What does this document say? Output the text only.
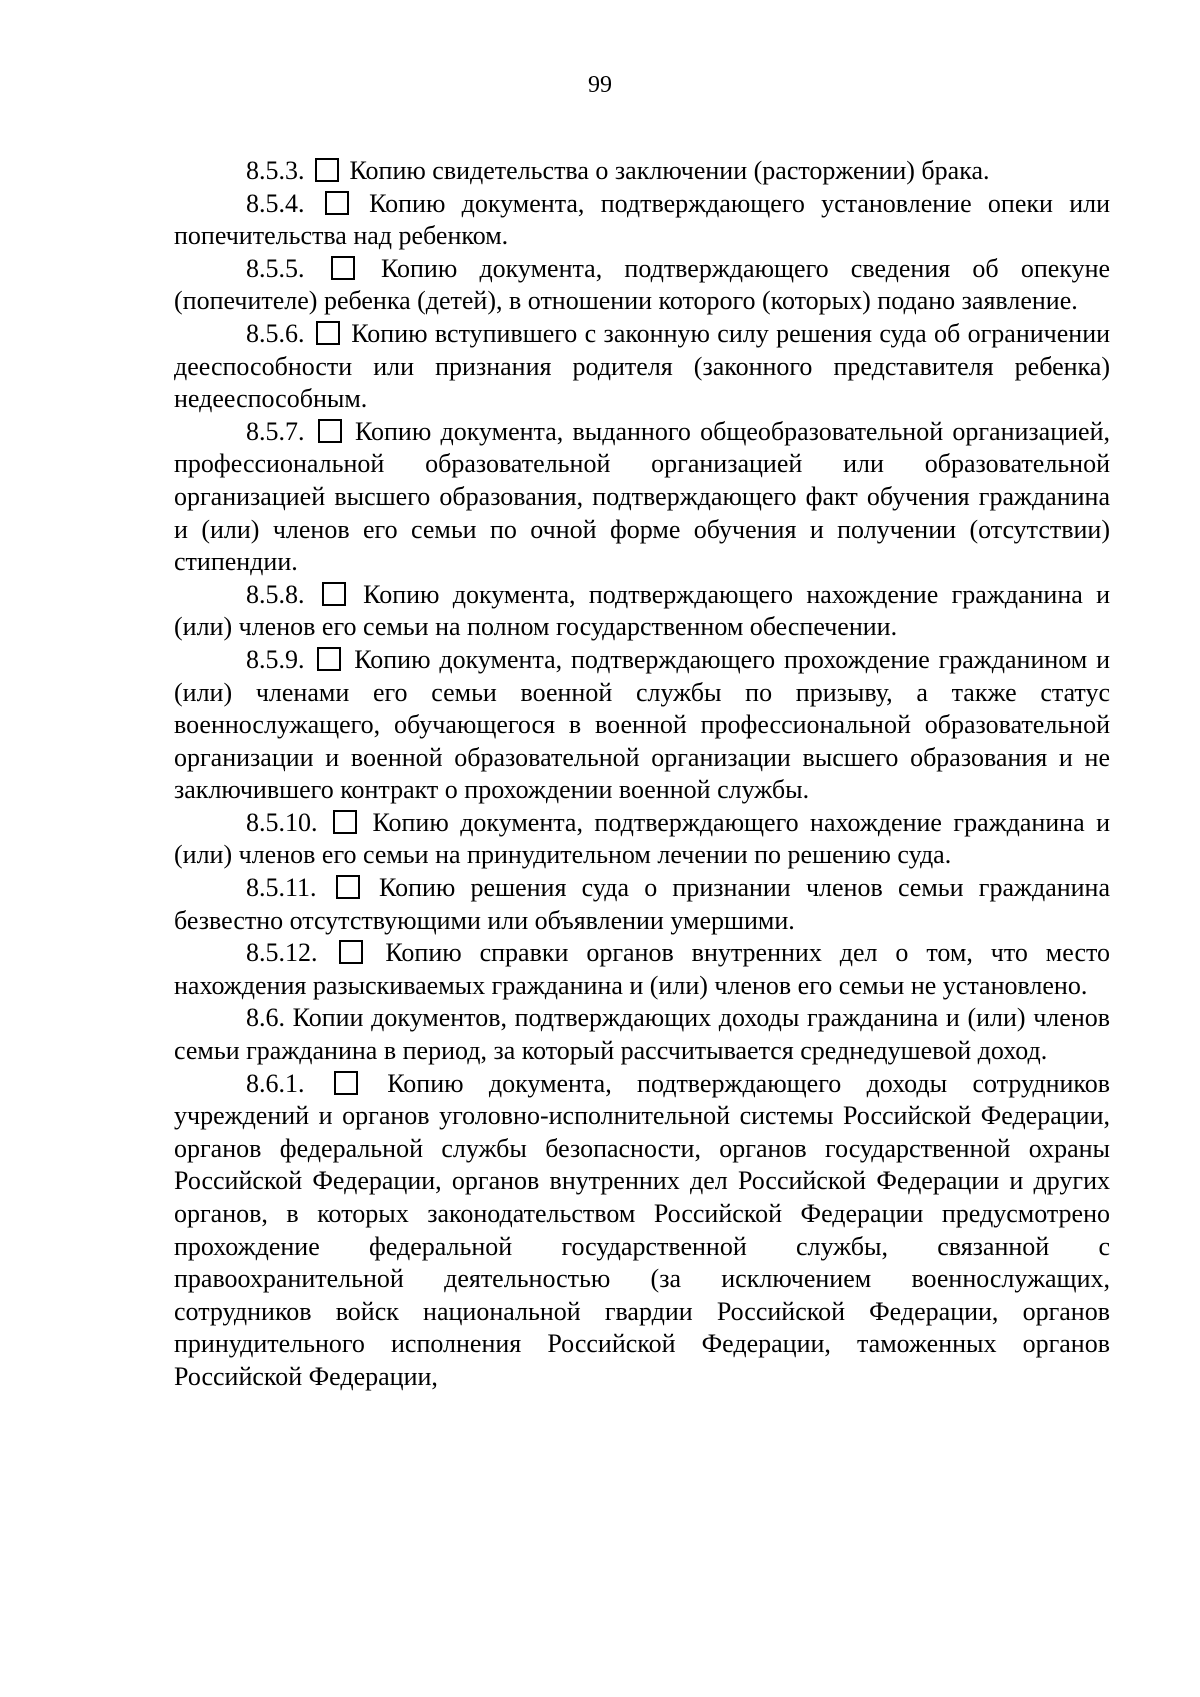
99

8.5.3. Копию свидетельства о заключении (расторжении) брака.

8.5.4. Копию документа, подтверждающего установление опеки или попечительства над ребенком.

8.5.5.	Копию документа, подтверждающего сведения об опекуне (попечителе) ребенка (детей), в отношении которого (которых) подано заявление.

8.5.6. Копию вступившего с законную силу решения суда об ограничении дееспособности или признания родителя (законного представителя ребенка) недееспособным.

8.5.7. Копию документа, выданного общеобразовательной организацией, профессиональной образовательной организацией или образовательной организацией высшего образования, подтверждающего факт обучения гражданина и (или) членов его семьи по очной форме обучения и получении (отсутствии) стипендии.

8.5.8. Копию документа, подтверждающего нахождение гражданина и (или) членов его семьи на полном государственном обеспечении.

8.5.9. Копию документа, подтверждающего прохождение гражданином и (или) членами его семьи военной службы по призыву, а также статус военнослужащего, обучающегося в военной профессиональной образовательной организации и военной образовательной организации высшего образования и не заключившего контракт о прохождении военной службы.

8.5.10. Копию документа, подтверждающего нахождение гражданина и (или) членов его семьи на принудительном лечении по решению суда.

8.5.11. Копию решения суда о признании членов семьи гражданина безвестно отсутствующими или объявлении умершими.

8.5.12.	Копию справки органов внутренних дел о том, что место нахождения разыскиваемых гражданина и (или) членов его семьи не установлено.

8.6. Копии документов, подтверждающих доходы гражданина и (или) членов семьи гражданина в период, за который рассчитывается среднедушевой доход.

8.6.1.	Копию документа, подтверждающего доходы сотрудников учреждений и органов уголовно-исполнительной системы Российской Федерации, органов федеральной службы безопасности, органов государственной охраны Российской Федерации, органов внутренних дел Российской Федерации и других органов, в которых законодательством Российской Федерации предусмотрено прохождение федеральной государственной службы, связанной с правоохранительной деятельностью (за исключением военнослужащих, сотрудников войск национальной гвардии Российской Федерации, органов принудительного исполнения Российской Федерации, таможенных органов Российской Федерации,
